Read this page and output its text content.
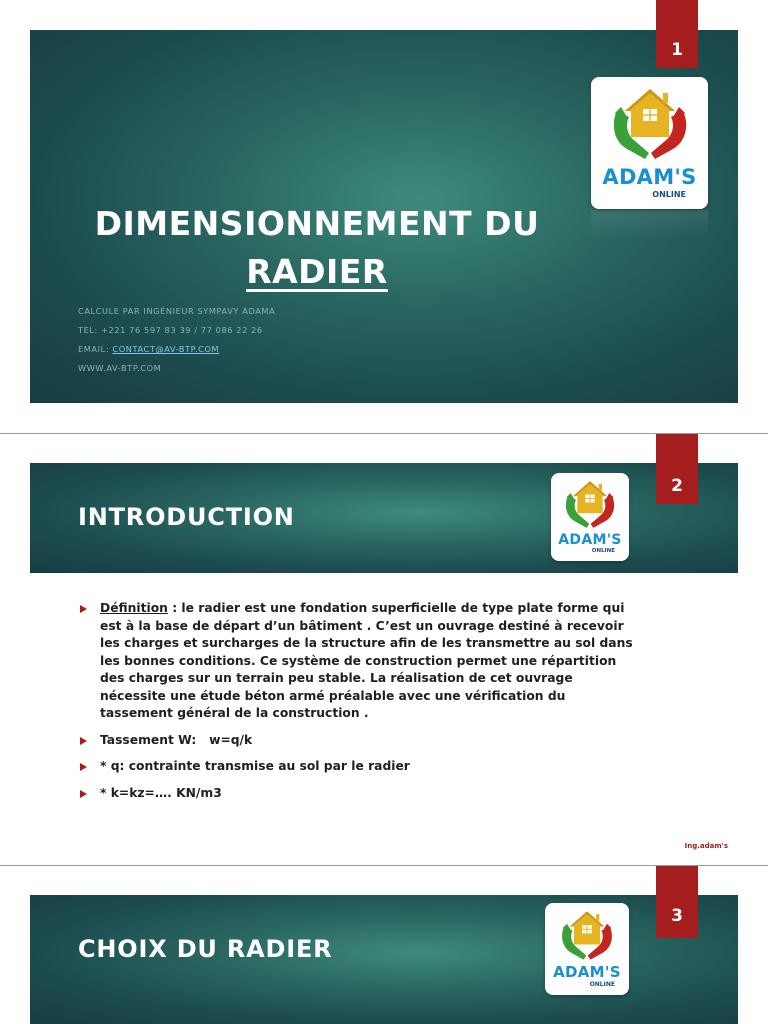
1
ADAM'S
ONLINE
DIMENSIONNEMENT DU
RADIER
CALCULE PAR INGÉNIEUR SYMPAVY ADAMA
TEL: +221 76 597 83 39 / 77 086 22 26
EMAIL: CONTACT@AV-BTP.COM
WWW.AV-BTP.COM
2
ADAM'S
ONLINE
INTRODUCTION
Définition : le radier est une fondation superficielle de type plate forme qui est à la base de départ d’un bâtiment . C’est un ouvrage destiné à recevoir les charges et surcharges de la structure afin de les transmettre au sol dans les bonnes conditions. Ce système de construction permet une répartition des charges sur un terrain peu stable. La réalisation de cet ouvrage nécessite une étude béton armé préalable avec une vérification du tassement général de la construction .
Tassement W:   w=q/k
* q: contrainte transmise au sol par le radier
* k=kz=…. KN/m3
Ing.adam's
3
ADAM'S
ONLINE
CHOIX DU RADIER
